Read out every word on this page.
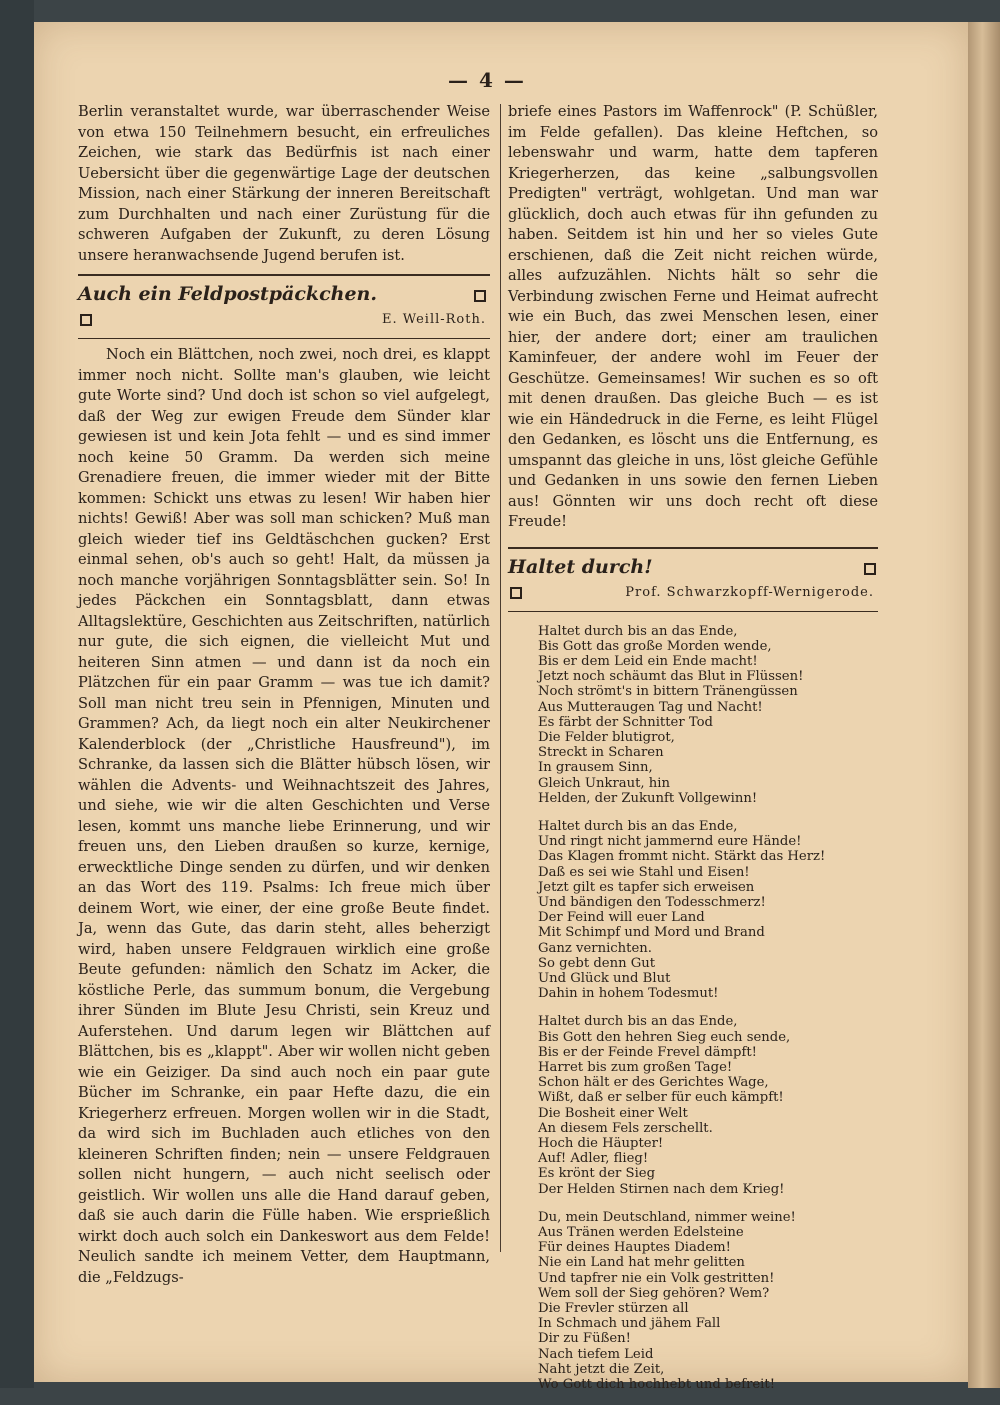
— 4 —

Berlin veranstaltet wurde, war überraschender Weise von etwa 150 Teilnehmern besucht, ein erfreuliches Zeichen, wie stark das Bedürfnis ist nach einer Uebersicht über die gegenwärtige Lage der deutschen Mission, nach einer Stärkung der inneren Bereitschaft zum Durchhalten und nach einer Zurüstung für die schweren Aufgaben der Zukunft, zu deren Lösung unsere heranwachsende Jugend berufen ist.

Auch ein Feldpostpäckchen.
E. Weill-Roth.

Noch ein Blättchen, noch zwei, noch drei, es klappt immer noch nicht. Sollte man's glauben, wie leicht gute Worte sind? Und doch ist schon so viel aufgelegt, daß der Weg zur ewigen Freude dem Sünder klar gewiesen ist und kein Jota fehlt — und es sind immer noch keine 50 Gramm. Da werden sich meine Grenadiere freuen, die immer wieder mit der Bitte kommen: Schickt uns etwas zu lesen! Wir haben hier nichts! Gewiß! Aber was soll man schicken? Muß man gleich wieder tief ins Geldtäschchen gucken? Erst einmal sehen, ob's auch so geht! Halt, da müssen ja noch manche vorjährigen Sonntagsblätter sein. So! In jedes Päckchen ein Sonntagsblatt, dann etwas Alltagslektüre, Geschichten aus Zeitschriften, natürlich nur gute, die sich eignen, die vielleicht Mut und heiteren Sinn atmen — und dann ist da noch ein Plätzchen für ein paar Gramm — was tue ich damit? Soll man nicht treu sein in Pfennigen, Minuten und Grammen? Ach, da liegt noch ein alter Neukirchener Kalenderblock (der „Christliche Hausfreund"), im Schranke, da lassen sich die Blätter hübsch lösen, wir wählen die Advents- und Weihnachtszeit des Jahres, und siehe, wie wir die alten Geschichten und Verse lesen, kommt uns manche liebe Erinnerung, und wir freuen uns, den Lieben draußen so kurze, kernige, erwecktliche Dinge senden zu dürfen, und wir denken an das Wort des 119. Psalms: Ich freue mich über deinem Wort, wie einer, der eine große Beute findet. Ja, wenn das Gute, das darin steht, alles beherzigt wird, haben unsere Feldgrauen wirklich eine große Beute gefunden: nämlich den Schatz im Acker, die köstliche Perle, das summum bonum, die Vergebung ihrer Sünden im Blute Jesu Christi, sein Kreuz und Auferstehen. Und darum legen wir Blättchen auf Blättchen, bis es „klappt". Aber wir wollen nicht geben wie ein Geiziger. Da sind auch noch ein paar gute Bücher im Schranke, ein paar Hefte dazu, die ein Kriegerherz erfreuen. Morgen wollen wir in die Stadt, da wird sich im Buchladen auch etliches von den kleineren Schriften finden; nein — unsere Feldgrauen sollen nicht hungern, — auch nicht seelisch oder geistlich. Wir wollen uns alle die Hand darauf geben, daß sie auch darin die Fülle haben. Wie ersprießlich wirkt doch auch solch ein Dankeswort aus dem Felde! Neulich sandte ich meinem Vetter, dem Hauptmann, die „Feldzugs-

briefe eines Pastors im Waffenrock" (P. Schüßler, im Felde gefallen). Das kleine Heftchen, so lebenswahr und warm, hatte dem tapferen Kriegerherzen, das keine „salbungsvollen Predigten" verträgt, wohlgetan. Und man war glücklich, doch auch etwas für ihn gefunden zu haben. Seitdem ist hin und her so vieles Gute erschienen, daß die Zeit nicht reichen würde, alles aufzuzählen. Nichts hält so sehr die Verbindung zwischen Ferne und Heimat aufrecht wie ein Buch, das zwei Menschen lesen, einer hier, der andere dort; einer am traulichen Kaminfeuer, der andere wohl im Feuer der Geschütze. Gemeinsames! Wir suchen es so oft mit denen draußen. Das gleiche Buch — es ist wie ein Händedruck in die Ferne, es leiht Flügel den Gedanken, es löscht uns die Entfernung, es umspannt das gleiche in uns, löst gleiche Gefühle und Gedanken in uns sowie den fernen Lieben aus! Gönnten wir uns doch recht oft diese Freude!

Haltet durch!
Prof. Schwarzkopff-Wernigerode.
Haltet durch bis an das Ende,
Bis Gott das große Morden wende,
Bis er dem Leid ein Ende macht!
Jetzt noch schäumt das Blut in Flüssen!
Noch strömt's in bittern Tränengüssen
Aus Mutteraugen Tag und Nacht!
Es färbt der Schnitter Tod
Die Felder blutigrot,
Streckt in Scharen
In grausem Sinn,
Gleich Unkraut, hin
Helden, der Zukunft Vollgewinn!
Haltet durch bis an das Ende,
Und ringt nicht jammernd eure Hände!
Das Klagen frommt nicht. Stärkt das Herz!
Daß es sei wie Stahl und Eisen!
Jetzt gilt es tapfer sich erweisen
Und bändigen den Todesschmerz!
Der Feind will euer Land
Mit Schimpf und Mord und Brand
Ganz vernichten.
So gebt denn Gut
Und Glück und Blut
Dahin in hohem Todesmut!
Haltet durch bis an das Ende,
Bis Gott den hehren Sieg euch sende,
Bis er der Feinde Frevel dämpft!
Harret bis zum großen Tage!
Schon hält er des Gerichtes Wage,
Wißt, daß er selber für euch kämpft!
Die Bosheit einer Welt
An diesem Fels zerschellt.
Hoch die Häupter!
Auf! Adler, flieg!
Es krönt der Sieg
Der Helden Stirnen nach dem Krieg!
Du, mein Deutschland, nimmer weine!
Aus Tränen werden Edelsteine
Für deines Hauptes Diadem!
Nie ein Land hat mehr gelitten
Und tapfrer nie ein Volk gestritten!
Wem soll der Sieg gehören? Wem?
Die Frevler stürzen all
In Schmach und jähem Fall
Dir zu Füßen!
Nach tiefem Leid
Naht jetzt die Zeit,
Wo Gott dich hochhebt und befreit!
